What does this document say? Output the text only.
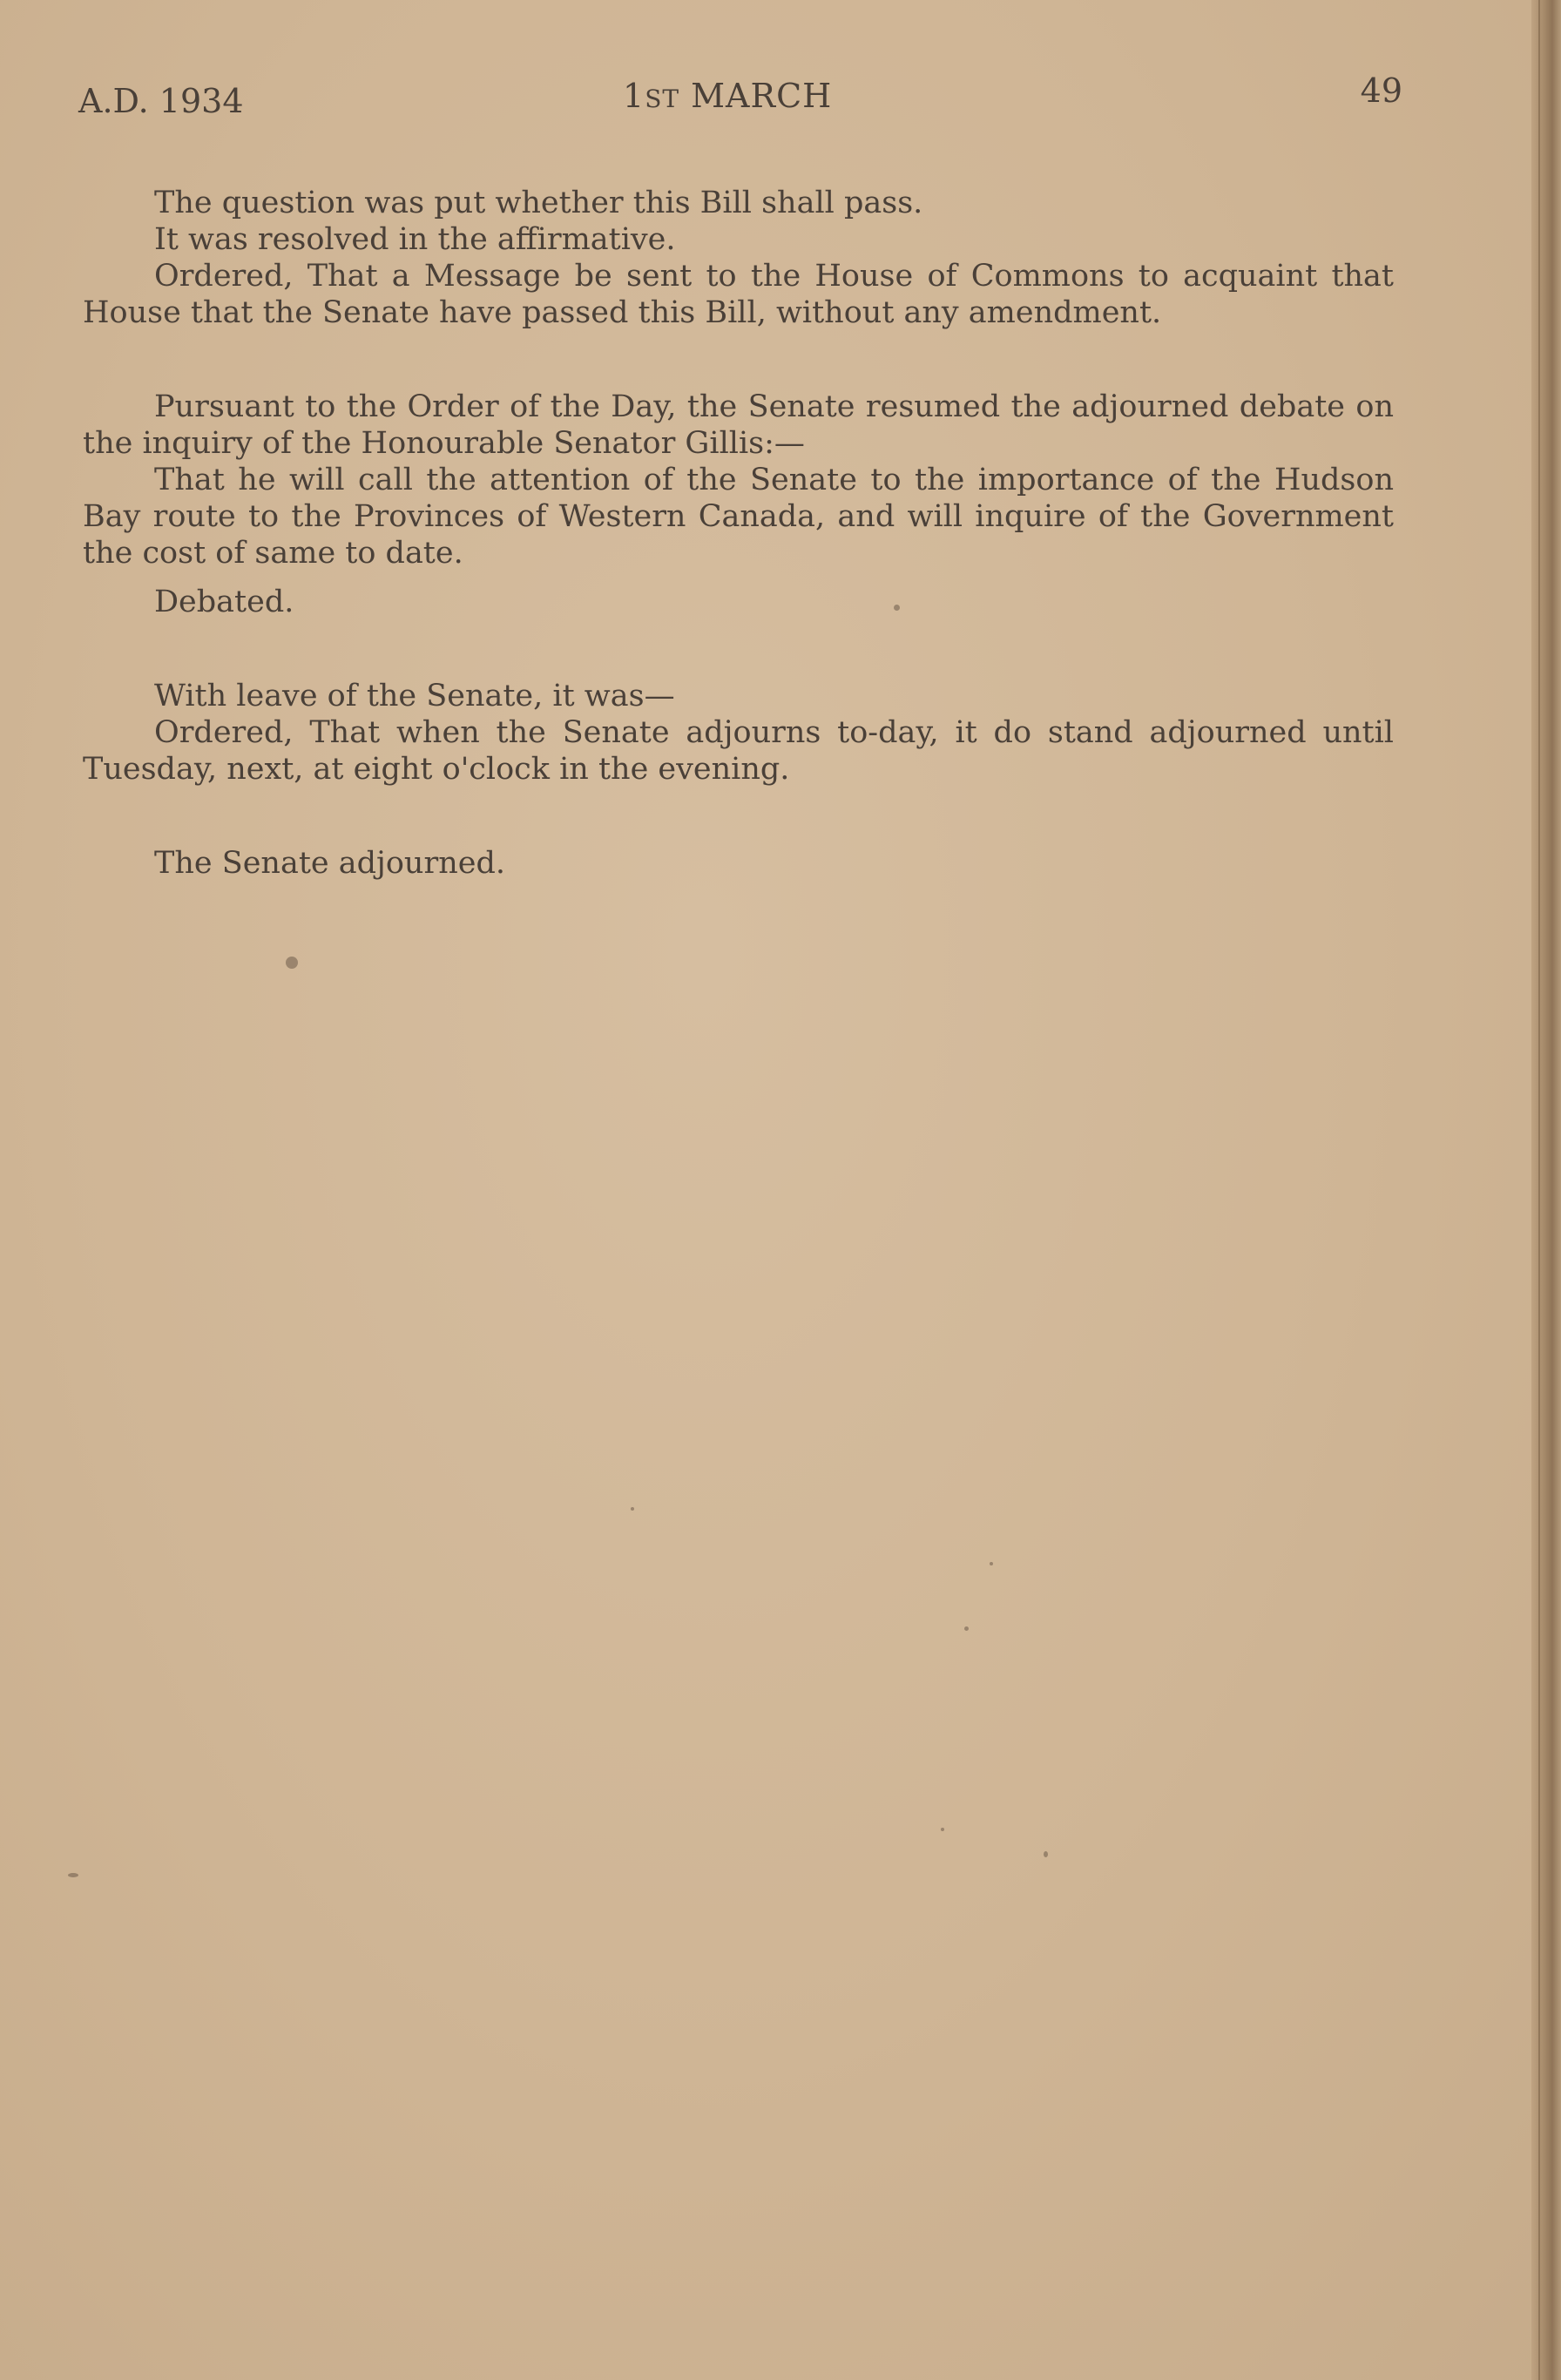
A.D. 1934	1ST MARCH	49

The question was put whether this Bill shall pass.

It was resolved in the affirmative.

Ordered, That a Message be sent to the House of Commons to acquaint that House that the Senate have passed this Bill, without any amendment.

Pursuant to the Order of the Day, the Senate resumed the adjourned debate on the inquiry of the Honourable Senator Gillis:—

That he will call the attention of the Senate to the importance of the Hudson Bay route to the Provinces of Western Canada, and will inquire of the Government the cost of same to date.

Debated.

With leave of the Senate, it was—

Ordered, That when the Senate adjourns to-day, it do stand adjourned until Tuesday, next, at eight o'clock in the evening.

The Senate adjourned.
